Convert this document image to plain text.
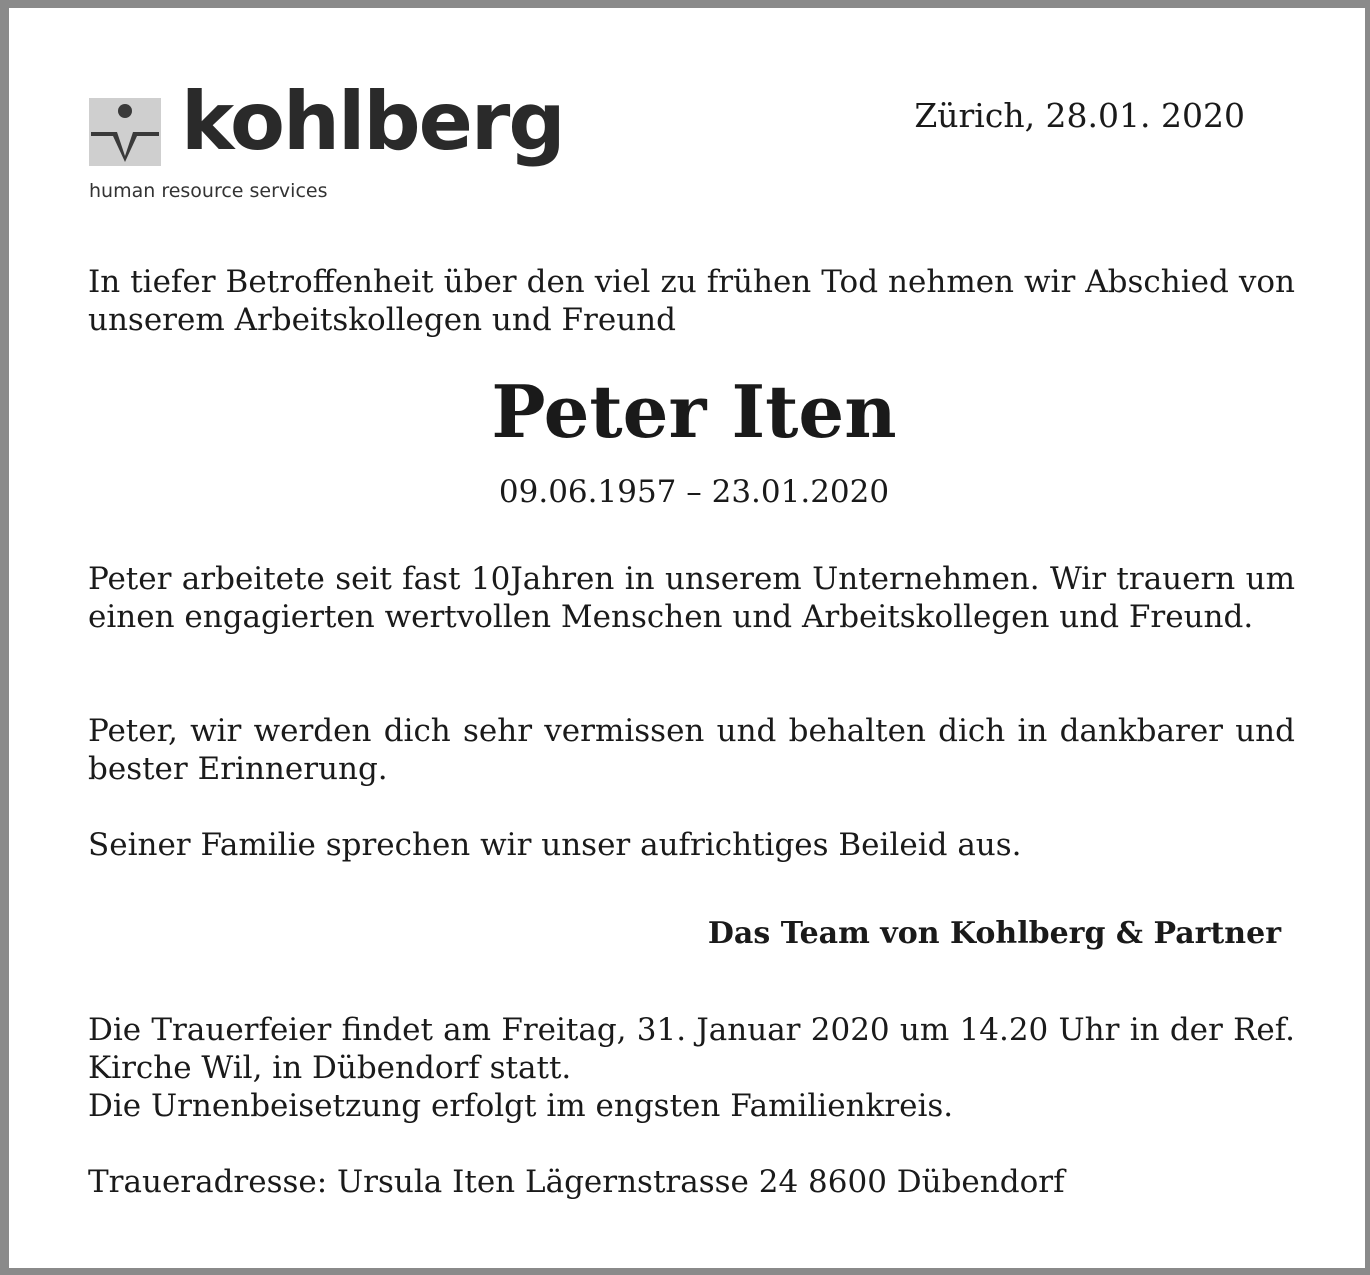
kohlberg
human resource services
Zürich, 28.01. 2020
In tiefer Betroffenheit über den viel zu frühen Tod nehmen wir Abschied von unserem Arbeitskollegen und Freund
Peter Iten
09.06.1957 – 23.01.2020
Peter arbeitete seit fast 10Jahren in unserem Unternehmen. Wir trauern um einen engagierten wertvollen Menschen und Arbeitskollegen und Freund.
Peter, wir werden dich sehr vermissen und behalten dich in dankbarer und bester Erinnerung.
Seiner Familie sprechen wir unser aufrichtiges Beileid aus.
Das Team von Kohlberg & Partner
Die Trauerfeier findet am Freitag, 31. Januar 2020 um 14.20 Uhr in der Ref. Kirche Wil, in Dübendorf statt.
Die Urnenbeisetzung erfolgt im engsten Familienkreis.
Traueradresse: Ursula Iten Lägernstrasse 24 8600 Dübendorf
